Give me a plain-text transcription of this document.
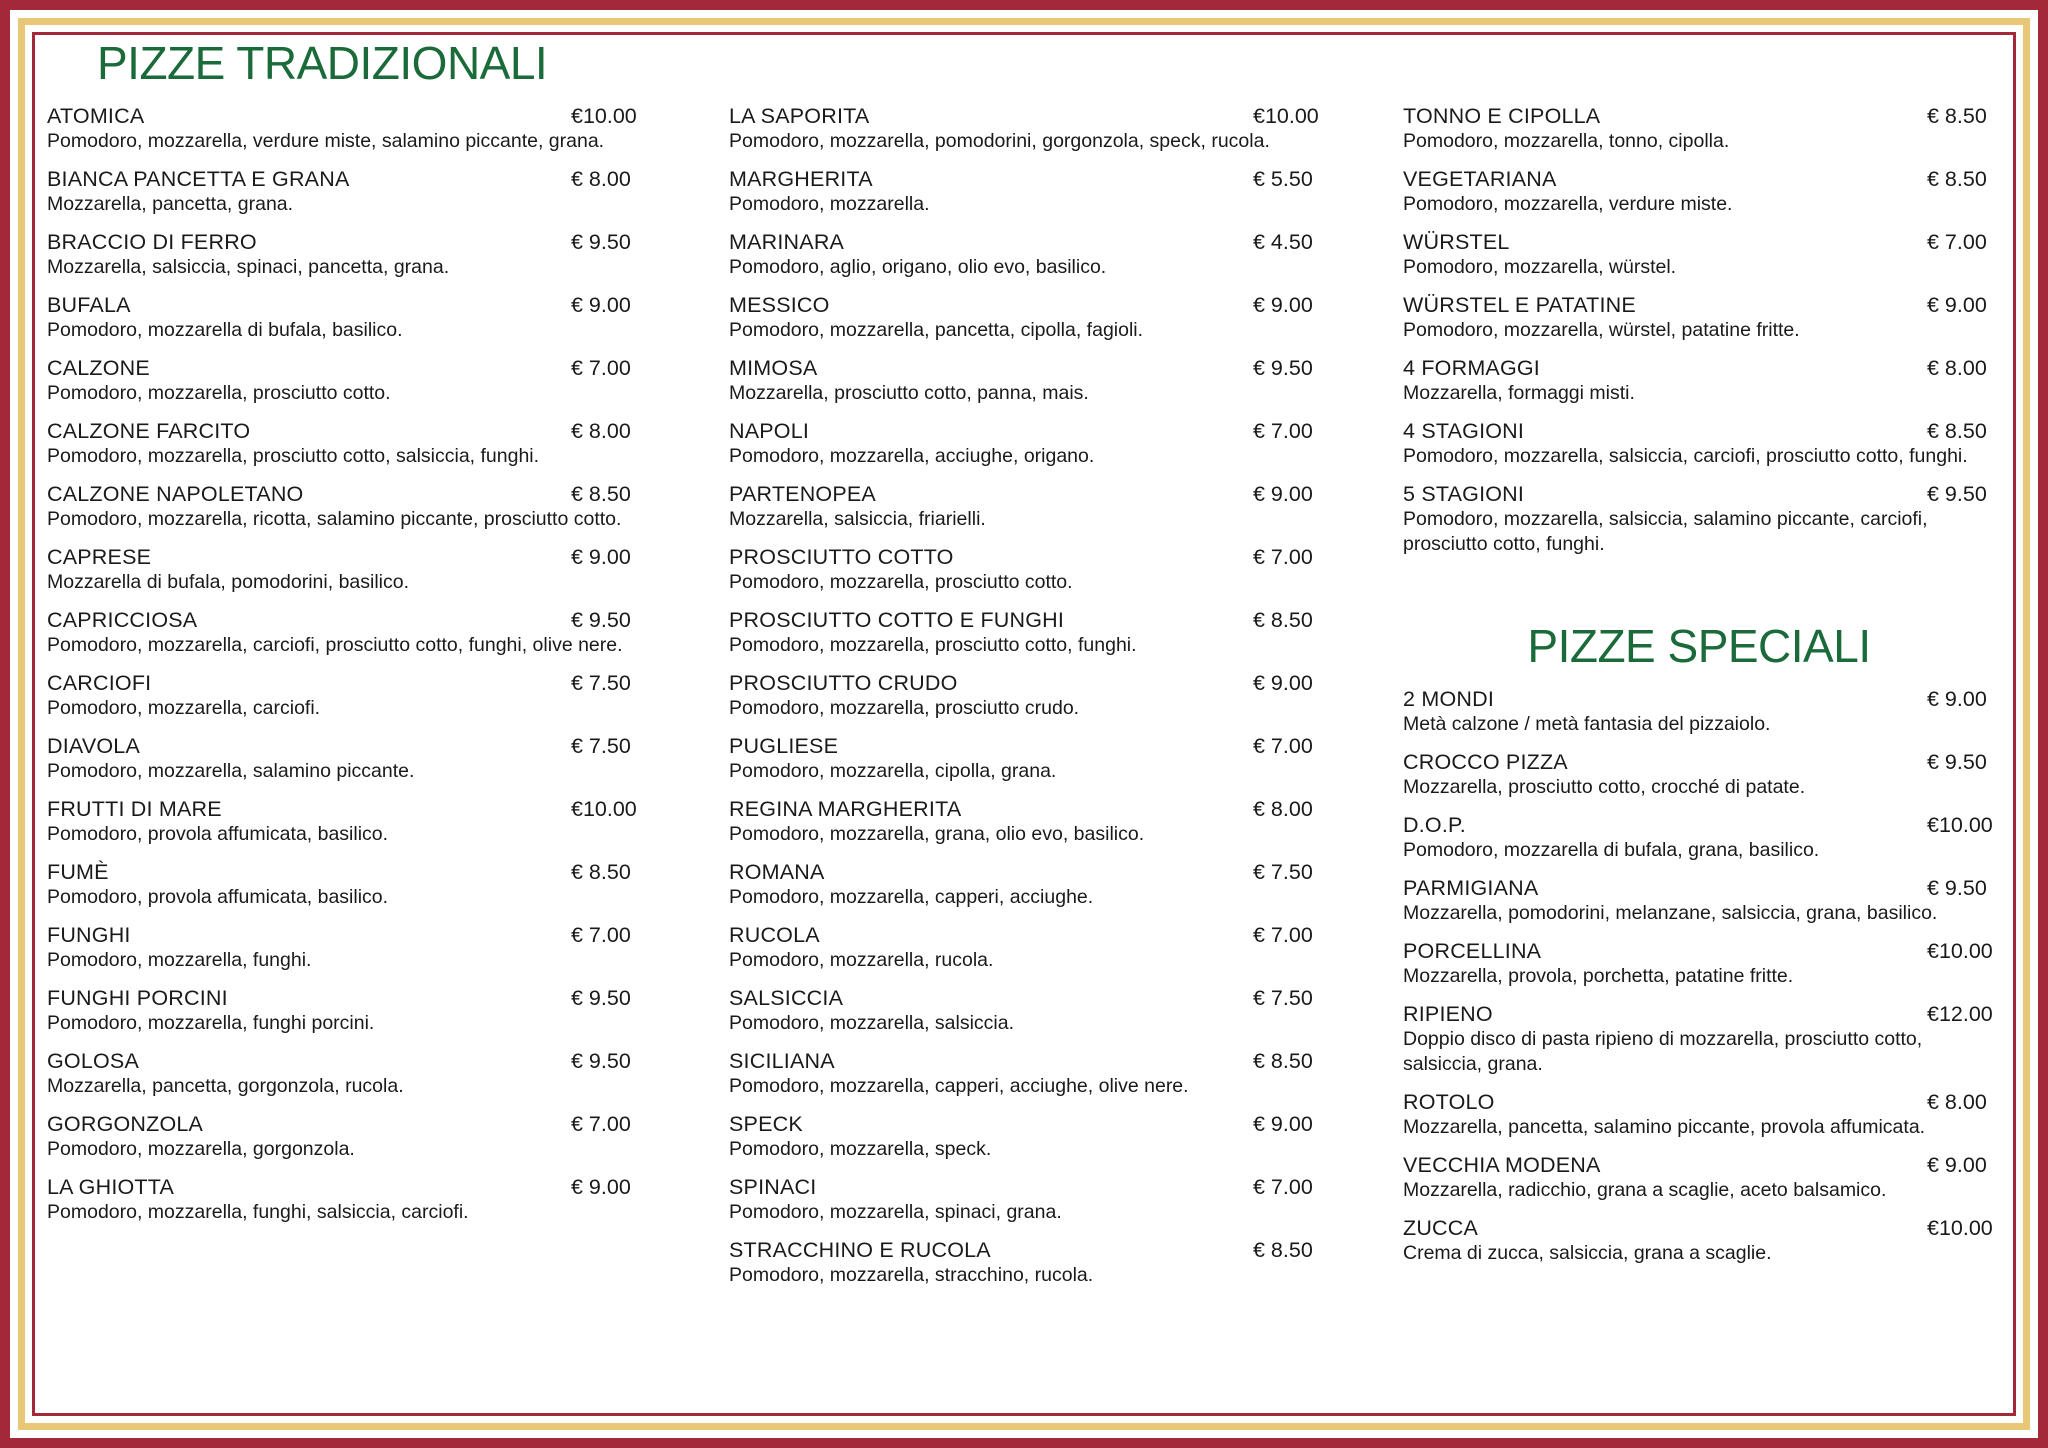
PIZZE TRADIZIONALI
ATOMICA	€10.00
Pomodoro, mozzarella, verdure miste, salamino piccante, grana.
BIANCA PANCETTA E GRANA	€ 8.00
Mozzarella, pancetta, grana.
BRACCIO DI FERRO	€ 9.50
Mozzarella, salsiccia, spinaci, pancetta, grana.
BUFALA	€ 9.00
Pomodoro, mozzarella di bufala, basilico.
CALZONE	€ 7.00
Pomodoro, mozzarella, prosciutto cotto.
CALZONE FARCITO	€ 8.00
Pomodoro, mozzarella, prosciutto cotto, salsiccia, funghi.
CALZONE NAPOLETANO	€ 8.50
Pomodoro, mozzarella, ricotta, salamino piccante, prosciutto cotto.
CAPRESE	€ 9.00
Mozzarella di bufala, pomodorini, basilico.
CAPRICCIOSA	€ 9.50
Pomodoro, mozzarella, carciofi, prosciutto cotto, funghi, olive nere.
CARCIOFI	€ 7.50
Pomodoro, mozzarella, carciofi.
DIAVOLA	€ 7.50
Pomodoro, mozzarella, salamino piccante.
FRUTTI DI MARE	€10.00
Pomodoro, provola affumicata, basilico.
FUMÈ	€ 8.50
Pomodoro, provola affumicata, basilico.
FUNGHI	€ 7.00
Pomodoro, mozzarella, funghi.
FUNGHI PORCINI	€ 9.50
Pomodoro, mozzarella, funghi porcini.
GOLOSA	€ 9.50
Mozzarella, pancetta, gorgonzola, rucola.
GORGONZOLA	€ 7.00
Pomodoro, mozzarella, gorgonzola.
LA GHIOTTA	€ 9.00
Pomodoro, mozzarella, funghi, salsiccia, carciofi.
LA SAPORITA	€10.00
Pomodoro, mozzarella, pomodorini, gorgonzola, speck, rucola.
MARGHERITA	€ 5.50
Pomodoro, mozzarella.
MARINARA	€ 4.50
Pomodoro, aglio, origano, olio evo, basilico.
MESSICO	€ 9.00
Pomodoro, mozzarella, pancetta, cipolla, fagioli.
MIMOSA	€ 9.50
Mozzarella, prosciutto cotto, panna, mais.
NAPOLI	€ 7.00
Pomodoro, mozzarella, acciughe, origano.
PARTENOPEA	€ 9.00
Mozzarella, salsiccia, friarielli.
PROSCIUTTO COTTO	€ 7.00
Pomodoro, mozzarella, prosciutto cotto.
PROSCIUTTO COTTO E FUNGHI	€ 8.50
Pomodoro, mozzarella, prosciutto cotto, funghi.
PROSCIUTTO CRUDO	€ 9.00
Pomodoro, mozzarella, prosciutto crudo.
PUGLIESE	€ 7.00
Pomodoro, mozzarella, cipolla, grana.
REGINA MARGHERITA	€ 8.00
Pomodoro, mozzarella, grana, olio evo, basilico.
ROMANA	€ 7.50
Pomodoro, mozzarella, capperi, acciughe.
RUCOLA	€ 7.00
Pomodoro, mozzarella, rucola.
SALSICCIA	€ 7.50
Pomodoro, mozzarella, salsiccia.
SICILIANA	€ 8.50
Pomodoro, mozzarella, capperi, acciughe, olive nere.
SPECK	€ 9.00
Pomodoro, mozzarella, speck.
SPINACI	€ 7.00
Pomodoro, mozzarella, spinaci, grana.
STRACCHINO E RUCOLA	€ 8.50
Pomodoro, mozzarella, stracchino, rucola.
TONNO E CIPOLLA	€ 8.50
Pomodoro, mozzarella, tonno, cipolla.
VEGETARIANA	€ 8.50
Pomodoro, mozzarella, verdure miste.
WÜRSTEL	€ 7.00
Pomodoro, mozzarella, würstel.
WÜRSTEL E PATATINE	€ 9.00
Pomodoro, mozzarella, würstel, patatine fritte.
4 FORMAGGI	€ 8.00
Mozzarella, formaggi misti.
4 STAGIONI	€ 8.50
Pomodoro, mozzarella, salsiccia, carciofi, prosciutto cotto, funghi.
5 STAGIONI	€ 9.50
Pomodoro, mozzarella, salsiccia, salamino piccante, carciofi, prosciutto cotto, funghi.
PIZZE SPECIALI
2 MONDI	€ 9.00
Metà calzone / metà fantasia del pizzaiolo.
CROCCO PIZZA	€ 9.50
Mozzarella, prosciutto cotto, crocché di patate.
D.O.P.	€10.00
Pomodoro, mozzarella di bufala, grana, basilico.
PARMIGIANA	€ 9.50
Mozzarella, pomodorini, melanzane, salsiccia, grana, basilico.
PORCELLINA	€10.00
Mozzarella, provola, porchetta, patatine fritte.
RIPIENO	€12.00
Doppio disco di pasta ripieno di mozzarella, prosciutto cotto, salsiccia, grana.
ROTOLO	€ 8.00
Mozzarella, pancetta, salamino piccante, provola affumicata.
VECCHIA MODENA	€ 9.00
Mozzarella, radicchio, grana a scaglie, aceto balsamico.
ZUCCA	€10.00
Crema di zucca, salsiccia, grana a scaglie.
